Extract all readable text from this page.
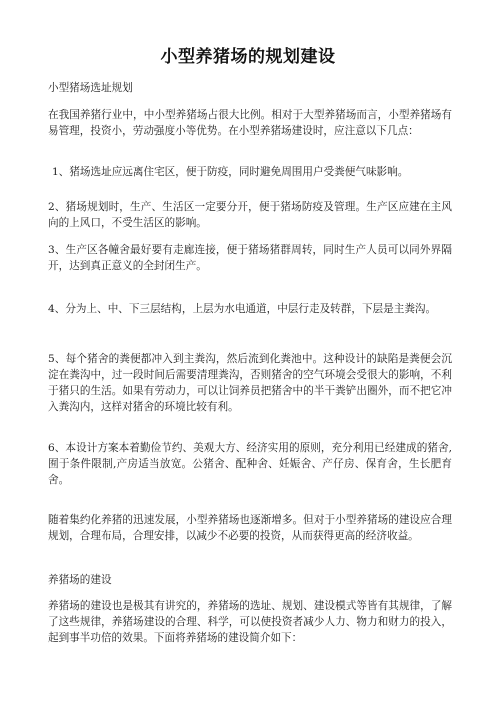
小型养猪场的规划建设
小型猪场选址规划
在我国养猪行业中，中小型养猪场占很大比例。相对于大型养猪场而言，小型养猪场有易管理，投资小，劳动强度小等优势。在小型养猪场建设时，应注意以下几点：
1、猪场选址应远离住宅区，便于防疫，同时避免周围用户受粪便气味影响。
2、猪场规划时，生产、生活区一定要分开，便于猪场防疫及管理。生产区应建在主风向的上风口，不受生活区的影响。
3、生产区各幢舍最好要有走廊连接，便于猪场猪群周转，同时生产人员可以同外界隔开，达到真正意义的全封闭生产。
4、分为上、中、下三层结构，上层为水电通道，中层行走及转群，下层是主粪沟。
5、每个猪舍的粪便都冲入到主粪沟，然后流到化粪池中。这种设计的缺陷是粪便会沉淀在粪沟中，过一段时间后需要清理粪沟，否则猪舍的空气环境会受很大的影响，不利于猪只的生活。如果有劳动力，可以让饲养员把猪舍中的半干粪铲出圈外，而不把它冲入粪沟内，这样对猪舍的环境比较有利。
6、本设计方案本着勤俭节约、美观大方、经济实用的原则，充分利用已经建成的猪舍,囿于条件限制,产房适当放宽。公猪舍、配种舍、妊娠舍、产仔房、保育舍，生长肥育舍。
随着集约化养猪的迅速发展，小型养猪场也逐渐增多。但对于小型养猪场的建设应合理规划，合理布局，合理安排，以减少不必要的投资，从而获得更高的经济收益。
养猪场的建设
养猪场的建设也是极其有讲究的，养猪场的选址、规划、建设模式等皆有其规律，了解了这些规律，养猪场建设的合理、科学，可以使投资者减少人力、物力和财力的投入，起到事半功倍的效果。下面将养猪场的建设简介如下：
